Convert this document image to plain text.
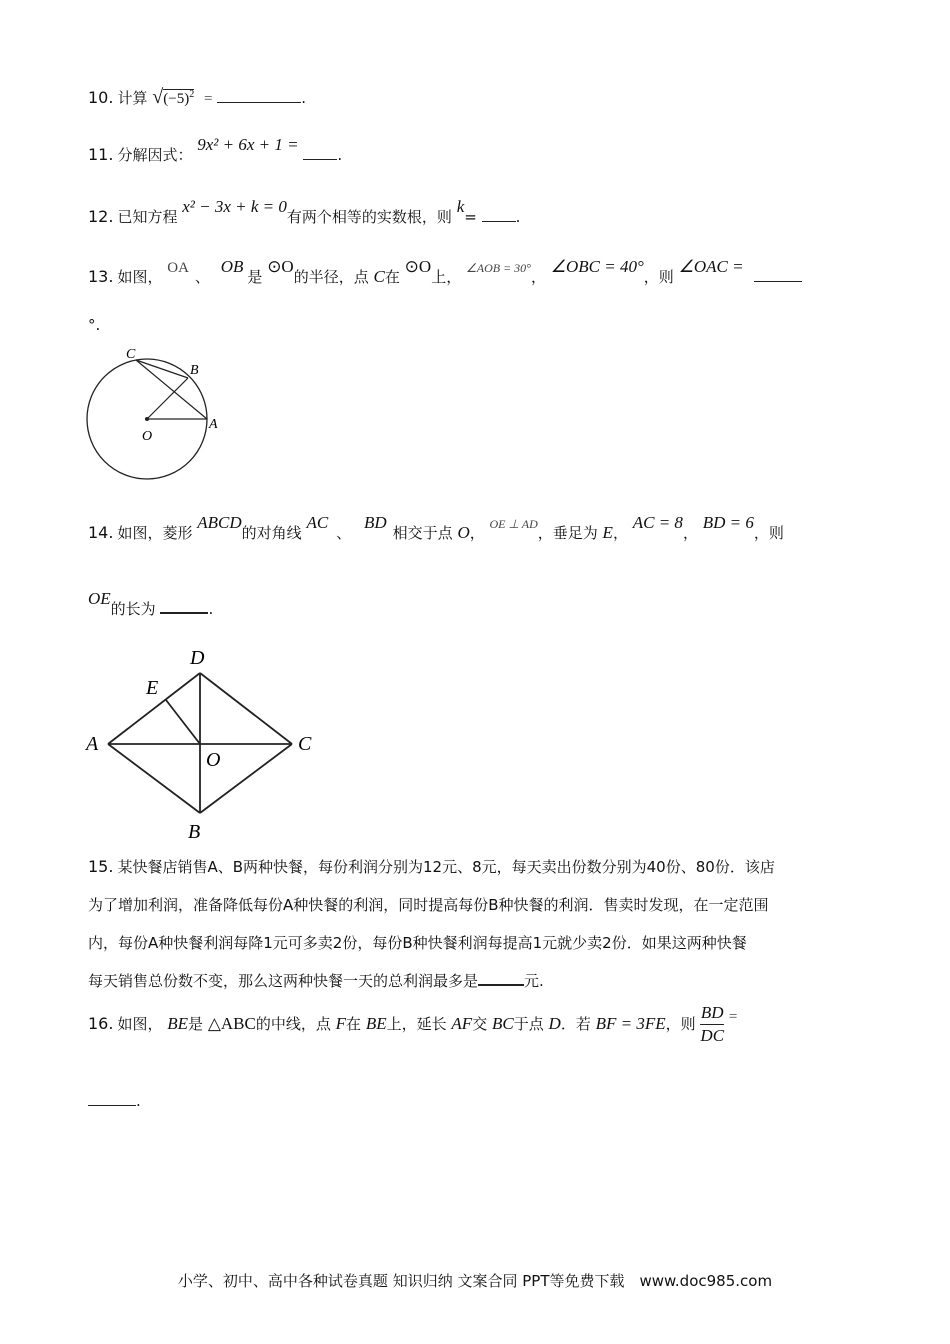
10. 计算 $√(-5)^2$ =	.
11. 分解因式： 9x² + 6x + 1 = .
12. 已知方程 x² − 3x + k = 0有两个相等的实数根，则 k=	.
13. 如图， OA 、 OB是 ⊙O的半径，点 C在 ⊙O上， $^{\angle AOB = 30^\circ}$， ∠OBC = 40°，则 ∠OAC =
°.
C
B
O
A
14. 如图，菱形 ABCD的对角线 AC、 BD相交于点 O， $^{OE \perp AD}$，垂足为 E， AC = 8， BD = 6，则
OE的长为	.
D
E
A	C
O
B
15. 某快餐店销售A、B两种快餐，每份利润分别为12元、8元，每天卖出份数分别为40份、80份．该店
为了增加利润，准备降低每份A种快餐的利润，同时提高每份B种快餐的利润．售卖时发现，在一定范围
内，每份A种快餐利润每降1元可多卖2份，每份B种快餐利润每提高1元就少卖2份．如果这两种快餐
每天销售总份数不变，那么这两种快餐一天的总利润最多是	元.
16. 如图， BE是 △ABC的中线，点 F在 BE上，延长 AF交 BC于点 D．若 BF = 3FE，则 $\frac{BD}{DC}$ =
.
小学、初中、高中各种试卷真题 知识归纳 文案合同 PPT等免费下载　www.doc985.com
